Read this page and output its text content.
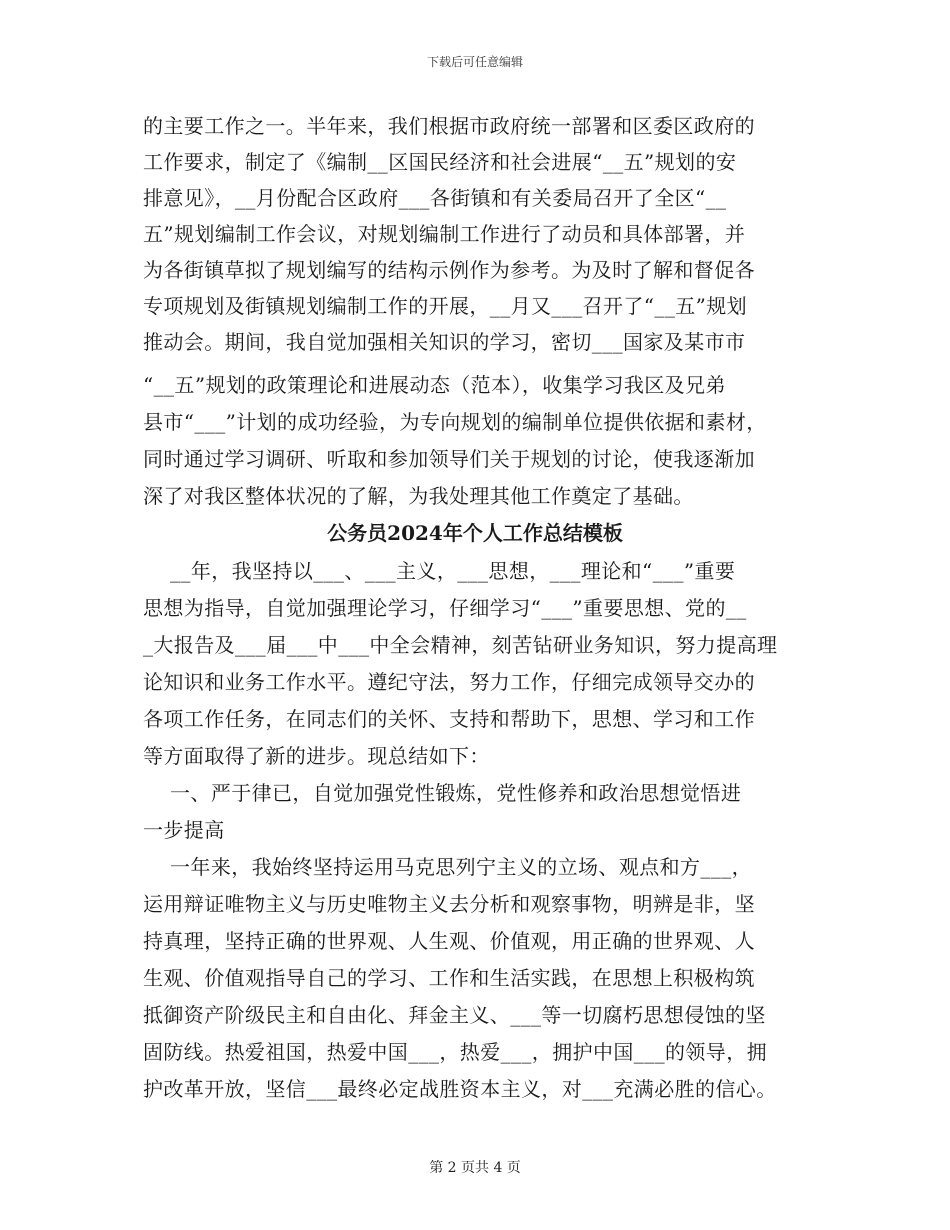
下载后可任意编辑
的主要工作之一。半年来，我们根据市政府统一部署和区委区政府的
工作要求，制定了《编制__区国民经济和社会进展“__五”规划的安
排意见》，__月份配合区政府___各街镇和有关委局召开了全区“__
五”规划编制工作会议，对规划编制工作进行了动员和具体部署，并
为各街镇草拟了规划编写的结构示例作为参考。为及时了解和督促各
专项规划及街镇规划编制工作的开展，__月又___召开了“__五”规划
推动会。期间，我自觉加强相关知识的学习，密切___国家及某市市
“__五”规划的政策理论和进展动态（范本），收集学习我区及兄弟
县市“___”计划的成功经验，为专向规划的编制单位提供依据和素材，
同时通过学习调研、听取和参加领导们关于规划的讨论，使我逐渐加
深了对我区整体状况的了解，为我处理其他工作奠定了基础。
公务员2024年个人工作总结模板
__年，我坚持以___、___主义，___思想，___理论和“___”重要
思想为指导，自觉加强理论学习，仔细学习“___”重要思想、党的__
_大报告及___届___中___中全会精神，刻苦钻研业务知识，努力提高理
论知识和业务工作水平。遵纪守法，努力工作，仔细完成领导交办的
各项工作任务，在同志们的关怀、支持和帮助下，思想、学习和工作
等方面取得了新的进步。现总结如下：
一、严于律已，自觉加强党性锻炼，党性修养和政治思想觉悟进
一步提高
一年来，我始终坚持运用马克思列宁主义的立场、观点和方___，
运用辩证唯物主义与历史唯物主义去分析和观察事物，明辨是非，坚
持真理，坚持正确的世界观、人生观、价值观，用正确的世界观、人
生观、价值观指导自己的学习、工作和生活实践，在思想上积极构筑
抵御资产阶级民主和自由化、拜金主义、___等一切腐朽思想侵蚀的坚
固防线。热爱祖国，热爱中国___，热爱___，拥护中国___的领导，拥
护改革开放，坚信___最终必定战胜资本主义，对___充满必胜的信心。
第 2 页共 4 页
